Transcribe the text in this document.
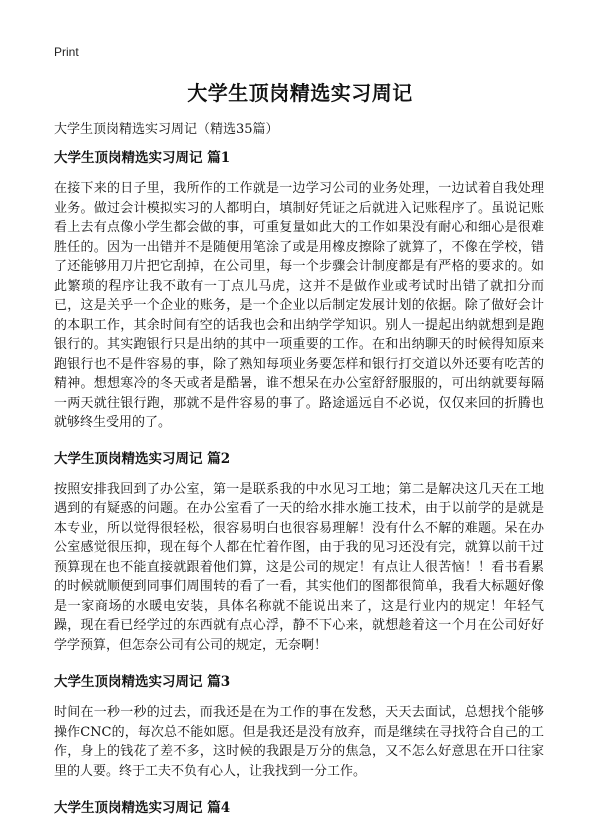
Print
大学生顶岗精选实习周记

大学生顶岗精选实习周记（精选35篇）

大学生顶岗精选实习周记 篇1

在接下来的日子里，我所作的工作就是一边学习公司的业务处理，一边试着自我处理业务。做过会计模拟实习的人都明白，填制好凭证之后就进入记账程序了。虽说记账看上去有点像小学生都会做的事，可重复量如此大的工作如果没有耐心和细心是很难胜任的。因为一出错并不是随便用笔涂了或是用橡皮擦除了就算了，不像在学校，错了还能够用刀片把它刮掉，在公司里，每一个步骤会计制度都是有严格的要求的。如此繁琐的程序让我不敢有一丁点儿马虎，这并不是做作业或考试时出错了就扣分而已，这是关乎一个企业的账务，是一个企业以后制定发展计划的依据。除了做好会计的本职工作，其余时间有空的话我也会和出纳学学知识。别人一提起出纳就想到是跑银行的。其实跑银行只是出纳的其中一项重要的工作。在和出纳聊天的时候得知原来跑银行也不是件容易的事，除了熟知每项业务要怎样和银行打交道以外还要有吃苦的精神。想想寒冷的冬天或者是酷暑，谁不想呆在办公室舒舒服服的，可出纳就要每隔一两天就往银行跑，那就不是件容易的事了。路途遥远自不必说，仅仅来回的折腾也就够终生受用的了。

大学生顶岗精选实习周记 篇2

按照安排我回到了办公室，第一是联系我的中水见习工地；第二是解决这几天在工地遇到的有疑惑的问题。在办公室看了一天的给水排水施工技术，由于以前学的是就是本专业，所以觉得很轻松，很容易明白也很容易理解！没有什么不解的难题。呆在办公室感觉很压抑，现在每个人都在忙着作图，由于我的见习还没有完，就算以前干过预算现在也不能直接就跟着他们算，这是公司的规定！有点让人很苦恼！！看书看累的时候就顺便到同事们周围转的看了一看，其实他们的图都很简单，我看大标题好像是一家商场的水暖电安装，具体名称就不能说出来了，这是行业内的规定！年轻气躁，现在看已经学过的东西就有点心浮，静不下心来，就想趁着这一个月在公司好好学学预算，但怎奈公司有公司的规定，无奈啊！

大学生顶岗精选实习周记 篇3

时间在一秒一秒的过去，而我还是在为工作的事在发愁，天天去面试，总想找个能够操作CNC的，每次总不能如愿。但是我还是没有放弃，而是继续在寻找符合自己的工作，身上的钱花了差不多，这时候的我跟是万分的焦急，又不怎么好意思在开口往家里的人要。终于工夫不负有心人，让我找到一分工作。

大学生顶岗精选实习周记 篇4
